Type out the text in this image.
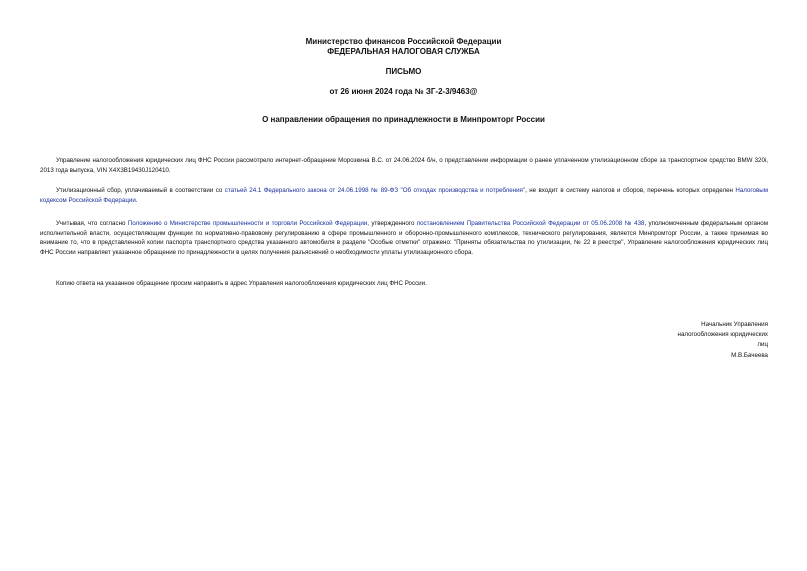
Министерство финансов Российской Федерации
ФЕДЕРАЛЬНАЯ НАЛОГОВАЯ СЛУЖБА
ПИСЬМО
от 26 июня 2024 года № ЗГ-2-3/9463@
О направлении обращения по принадлежности в Минпромторг России
Управление налогообложения юридических лиц ФНС России рассмотрело интернет-обращение Морозкина В.С. от 24.06.2024 б/н, о представлении информации о ранее уплаченном утилизационном сборе за транспортное средство BMW 320i, 2013 года выпуска, VIN X4X3B19430J120410.
Утилизационный сбор, уплачиваемый в соответствии со статьей 24.1 Федерального закона от 24.06.1998 № 89-ФЗ "Об отходах производства и потребления", не входит в систему налогов и сборов, перечень которых определен Налоговым кодексом Российской Федерации.
Учитывая, что согласно Положению о Министерстве промышленности и торговли Российской Федерации, утвержденного постановлением Правительства Российской Федерации от 05.06.2008 № 438, уполномоченным федеральным органом исполнительной власти, осуществляющим функции по нормативно-правовому регулированию в сфере промышленного и оборонно-промышленного комплексов, технического регулирования, является Минпромторг России, а также принимая во внимание то, что в представленной копии паспорта транспортного средства указанного автомобиля в разделе "Особые отметки" отражено: "Приняты обязательства по утилизации, № 22 в реестре", Управление налогообложения юридических лиц ФНС России направляет указанное обращение по принадлежности в целях получения разъяснений о необходимости уплаты утилизационного сбора.
Копию ответа на указанное обращение просим направить в адрес Управления налогообложения юридических лиц ФНС России.
Начальник Управления
налогообложения юридических
лиц
М.В.Бачеева
